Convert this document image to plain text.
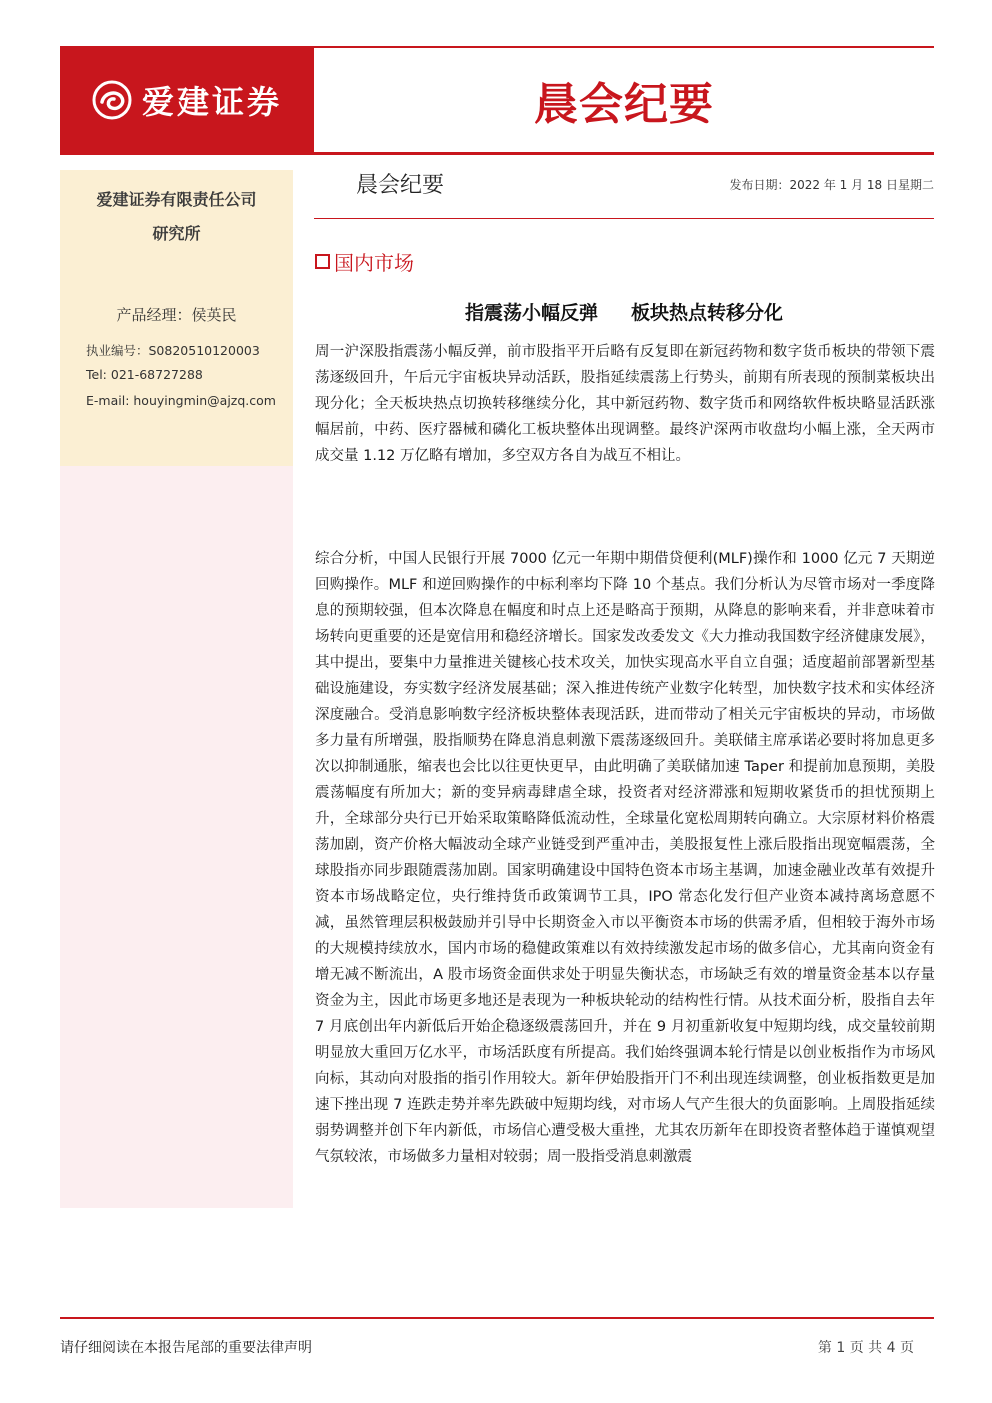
爱建证券	晨会纪要
爱建证券有限责任公司
研究所
产品经理：侯英民
执业编号：S0820510120003
Tel: 021-68727288
E-mail: houyingmin@ajzq.com
晨会纪要	发布日期：2022 年 1 月 18 日星期二
国内市场
指震荡小幅反弹     板块热点转移分化
周一沪深股指震荡小幅反弹，前市股指平开后略有反复即在新冠药物和数字货币板块的带领下震荡逐级回升，午后元宇宙板块异动活跃，股指延续震荡上行势头，前期有所表现的预制菜板块出现分化；全天板块热点切换转移继续分化，其中新冠药物、数字货币和网络软件板块略显活跃涨幅居前，中药、医疗器械和磷化工板块整体出现调整。最终沪深两市收盘均小幅上涨，全天两市成交量 1.12 万亿略有增加，多空双方各自为战互不相让。
综合分析，中国人民银行开展 7000 亿元一年期中期借贷便利(MLF)操作和 1000 亿元 7 天期逆回购操作。MLF 和逆回购操作的中标利率均下降 10 个基点。我们分析认为尽管市场对一季度降息的预期较强，但本次降息在幅度和时点上还是略高于预期，从降息的影响来看，并非意味着市场转向更重要的还是宽信用和稳经济增长。国家发改委发文《大力推动我国数字经济健康发展》，其中提出，要集中力量推进关键核心技术攻关，加快实现高水平自立自强；适度超前部署新型基础设施建设，夯实数字经济发展基础；深入推进传统产业数字化转型，加快数字技术和实体经济深度融合。受消息影响数字经济板块整体表现活跃，进而带动了相关元宇宙板块的异动，市场做多力量有所增强，股指顺势在降息消息刺激下震荡逐级回升。美联储主席承诺必要时将加息更多次以抑制通胀，缩表也会比以往更快更早，由此明确了美联储加速 Taper 和提前加息预期，美股震荡幅度有所加大；新的变异病毒肆虐全球，投资者对经济滞涨和短期收紧货币的担忧预期上升，全球部分央行已开始采取策略降低流动性，全球量化宽松周期转向确立。大宗原材料价格震荡加剧，资产价格大幅波动全球产业链受到严重冲击，美股报复性上涨后股指出现宽幅震荡，全球股指亦同步跟随震荡加剧。国家明确建设中国特色资本市场主基调，加速金融业改革有效提升资本市场战略定位，央行维持货币政策调节工具，IPO 常态化发行但产业资本减持离场意愿不减，虽然管理层积极鼓励并引导中长期资金入市以平衡资本市场的供需矛盾，但相较于海外市场的大规模持续放水，国内市场的稳健政策难以有效持续激发起市场的做多信心，尤其南向资金有增无减不断流出，A 股市场资金面供求处于明显失衡状态，市场缺乏有效的增量资金基本以存量资金为主，因此市场更多地还是表现为一种板块轮动的结构性行情。从技术面分析，股指自去年 7 月底创出年内新低后开始企稳逐级震荡回升，并在 9 月初重新收复中短期均线，成交量较前期明显放大重回万亿水平，市场活跃度有所提高。我们始终强调本轮行情是以创业板指作为市场风向标，其动向对股指的指引作用较大。新年伊始股指开门不利出现连续调整，创业板指数更是加速下挫出现 7 连跌走势并率先跌破中短期均线，对市场人气产生很大的负面影响。上周股指延续弱势调整并创下年内新低，市场信心遭受极大重挫，尤其农历新年在即投资者整体趋于谨慎观望气氛较浓，市场做多力量相对较弱；周一股指受消息刺激震
请仔细阅读在本报告尾部的重要法律声明	第 1 页 共 4 页
